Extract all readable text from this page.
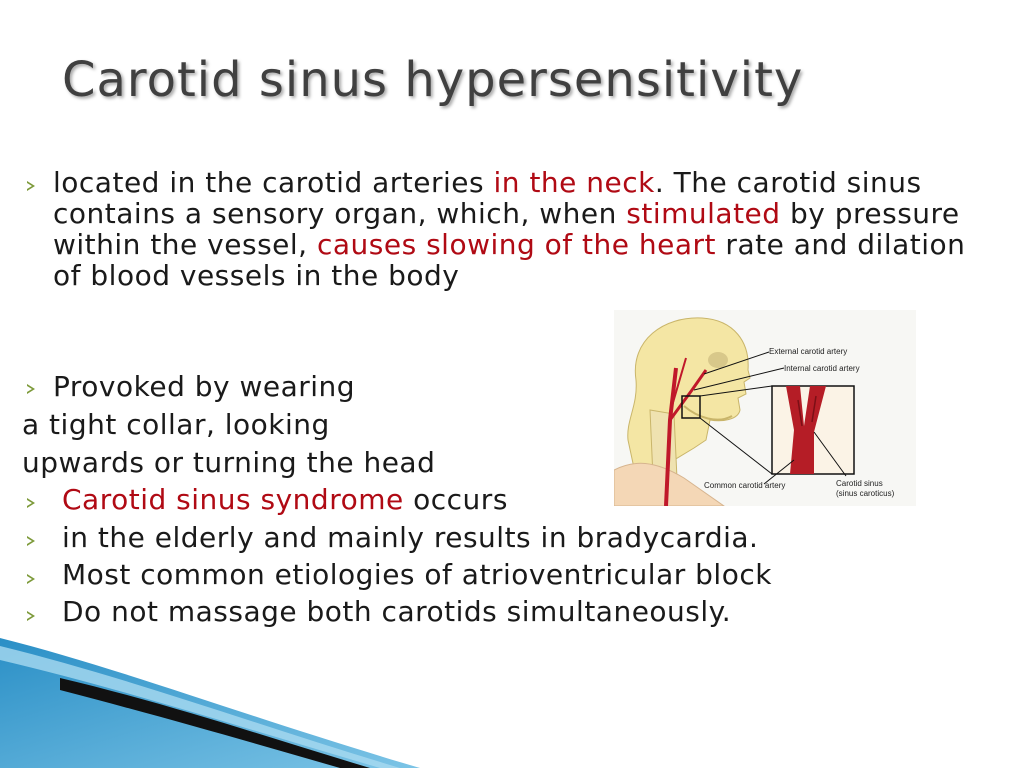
Carotid sinus hypersensitivity
located in the carotid arteries in the neck. The carotid sinus contains a sensory organ, which, when stimulated by pressure within the vessel, causes slowing of the heart rate and dilation of blood vessels in the body
Provoked by wearing
a tight collar, looking
upwards or turning the head
Carotid sinus syndrome occurs
in the elderly and mainly results in bradycardia.
Most common etiologies of atrioventricular block
Do not massage both carotids simultaneously.
External carotid artery
Internal carotid artery
Common carotid artery	Carotid sinus
(sinus caroticus)
